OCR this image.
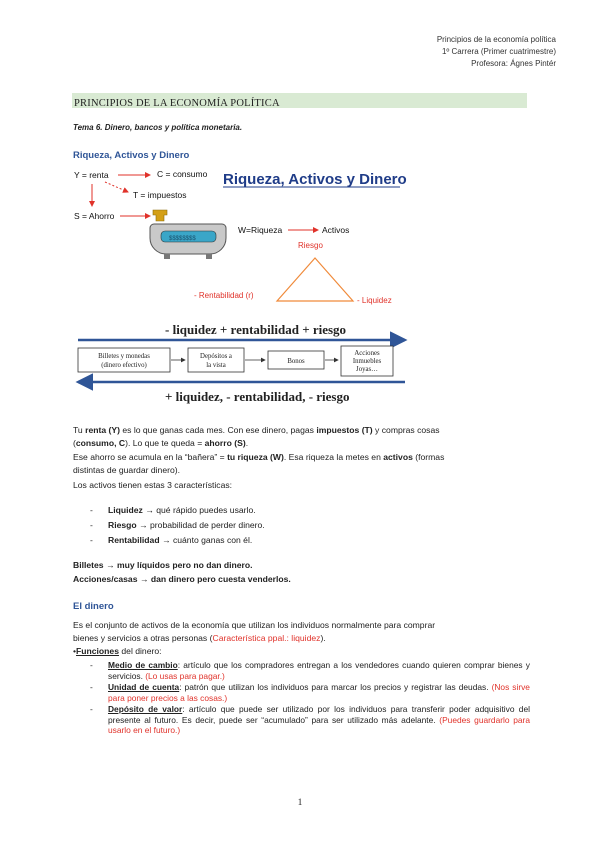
Principios de la economía política
1º Carrera (Primer cuatrimestre)
Profesora: Ágnes Pintér
PRINCIPIOS DE LA ECONOMÍA POLÍTICA
Tema 6. Dinero, bancos y política monetaria.
Riqueza, Activos y Dinero
Y = renta	C = consumo
T = impuestos
S = Ahorro
Riqueza, Activos y Dinero
$$$$$$$$
W=Riqueza	Activos
Riesgo
- Rentabilidad (r)
- Liquidez
- liquidez + rentabilidad + riesgo
Billetes y monedas
(dinero efectivo)
Depósitos a
la vista
Bonos
Acciones
Inmuebles
Joyas…
+ liquidez, - rentabilidad, - riesgo
Tu renta (Y) es lo que ganas cada mes. Con ese dinero, pagas impuestos (T) y compras cosas
(consumo, C). Lo que te queda = ahorro (S).
Ese ahorro se acumula en la “bañera” = tu riqueza (W). Esa riqueza la metes en activos (formas
distintas de guardar dinero).
Los activos tienen estas 3 características:
- Liquidez → qué rápido puedes usarlo.
- Riesgo → probabilidad de perder dinero.
- Rentabilidad → cuánto ganas con él.
Billetes → muy líquidos pero no dan dinero.
Acciones/casas → dan dinero pero cuesta venderlos.
El dinero
Es el conjunto de activos de la economía que utilizan los individuos normalmente para comprar
bienes y servicios a otras personas (Característica ppal.: liquidez).
•Funciones del dinero:
- Medio de cambio: artículo que los compradores entregan a los vendedores cuando quieren comprar bienes y servicios. (Lo usas para pagar.)
- Unidad de cuenta: patrón que utilizan los individuos para marcar los precios y registrar las deudas. (Nos sirve para poner precios a las cosas.)
- Depósito de valor: artículo que puede ser utilizado por los individuos para transferir poder adquisitivo del presente al futuro. Es decir, puede ser “acumulado” para ser utilizado más adelante. (Puedes guardarlo para usarlo en el futuro.)
1
